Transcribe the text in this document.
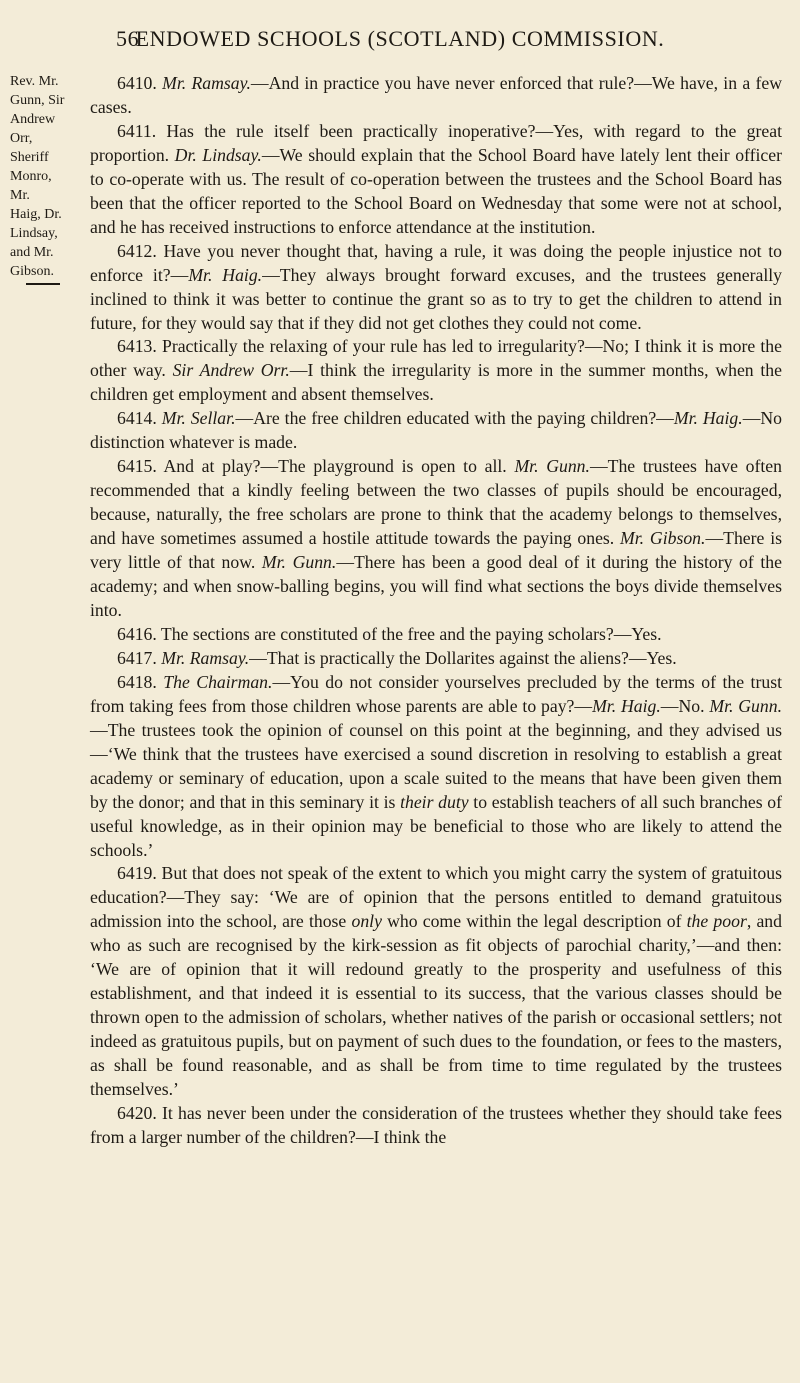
56
ENDOWED SCHOOLS (SCOTLAND) COMMISSION.
Rev. Mr.
Gunn, Sir
Andrew
Orr, Sheriff
Monro, Mr.
Haig, Dr.
Lindsay,
and Mr.
Gibson.

6410. Mr. Ramsay.—And in practice you have never enforced that rule?—We have, in a few cases.

6411. Has the rule itself been practically inoperative?—Yes, with regard to the great proportion. Dr. Lindsay.—We should explain that the School Board have lately lent their officer to co-operate with us. The result of co-operation between the trustees and the School Board has been that the officer reported to the School Board on Wednesday that some were not at school, and he has received instructions to enforce attendance at the institution.

6412. Have you never thought that, having a rule, it was doing the people injustice not to enforce it?—Mr. Haig.—They always brought forward excuses, and the trustees generally inclined to think it was better to continue the grant so as to try to get the children to attend in future, for they would say that if they did not get clothes they could not come.

6413. Practically the relaxing of your rule has led to irregularity?—No; I think it is more the other way. Sir Andrew Orr.—I think the irregularity is more in the summer months, when the children get employment and absent themselves.

6414. Mr. Sellar.—Are the free children educated with the paying children?—Mr. Haig.—No distinction whatever is made.

6415. And at play?—The playground is open to all. Mr. Gunn.—The trustees have often recommended that a kindly feeling between the two classes of pupils should be encouraged, because, naturally, the free scholars are prone to think that the academy belongs to themselves, and have sometimes assumed a hostile attitude towards the paying ones. Mr. Gibson.—There is very little of that now. Mr. Gunn.—There has been a good deal of it during the history of the academy; and when snow-balling begins, you will find what sections the boys divide themselves into.

6416. The sections are constituted of the free and the paying scholars?—Yes.

6417. Mr. Ramsay.—That is practically the Dollarites against the aliens?—Yes.

6418. The Chairman.—You do not consider yourselves precluded by the terms of the trust from taking fees from those children whose parents are able to pay?—Mr. Haig.—No. Mr. Gunn.—The trustees took the opinion of counsel on this point at the beginning, and they advised us—‘We think that the trustees have exercised a sound discretion in resolving to establish a great academy or seminary of education, upon a scale suited to the means that have been given them by the donor; and that in this seminary it is their duty to establish teachers of all such branches of useful knowledge, as in their opinion may be beneficial to those who are likely to attend the schools.’

6419. But that does not speak of the extent to which you might carry the system of gratuitous education?—They say: ‘We are of opinion that the persons entitled to demand gratuitous admission into the school, are those only who come within the legal description of the poor, and who as such are recognised by the kirk-session as fit objects of parochial charity,’—and then: ‘We are of opinion that it will redound greatly to the prosperity and usefulness of this establishment, and that indeed it is essential to its success, that the various classes should be thrown open to the admission of scholars, whether natives of the parish or occasional settlers; not indeed as gratuitous pupils, but on payment of such dues to the foundation, or fees to the masters, as shall be found reasonable, and as shall be from time to time regulated by the trustees themselves.’

6420. It has never been under the consideration of the trustees whether they should take fees from a larger number of the children?—I think the
